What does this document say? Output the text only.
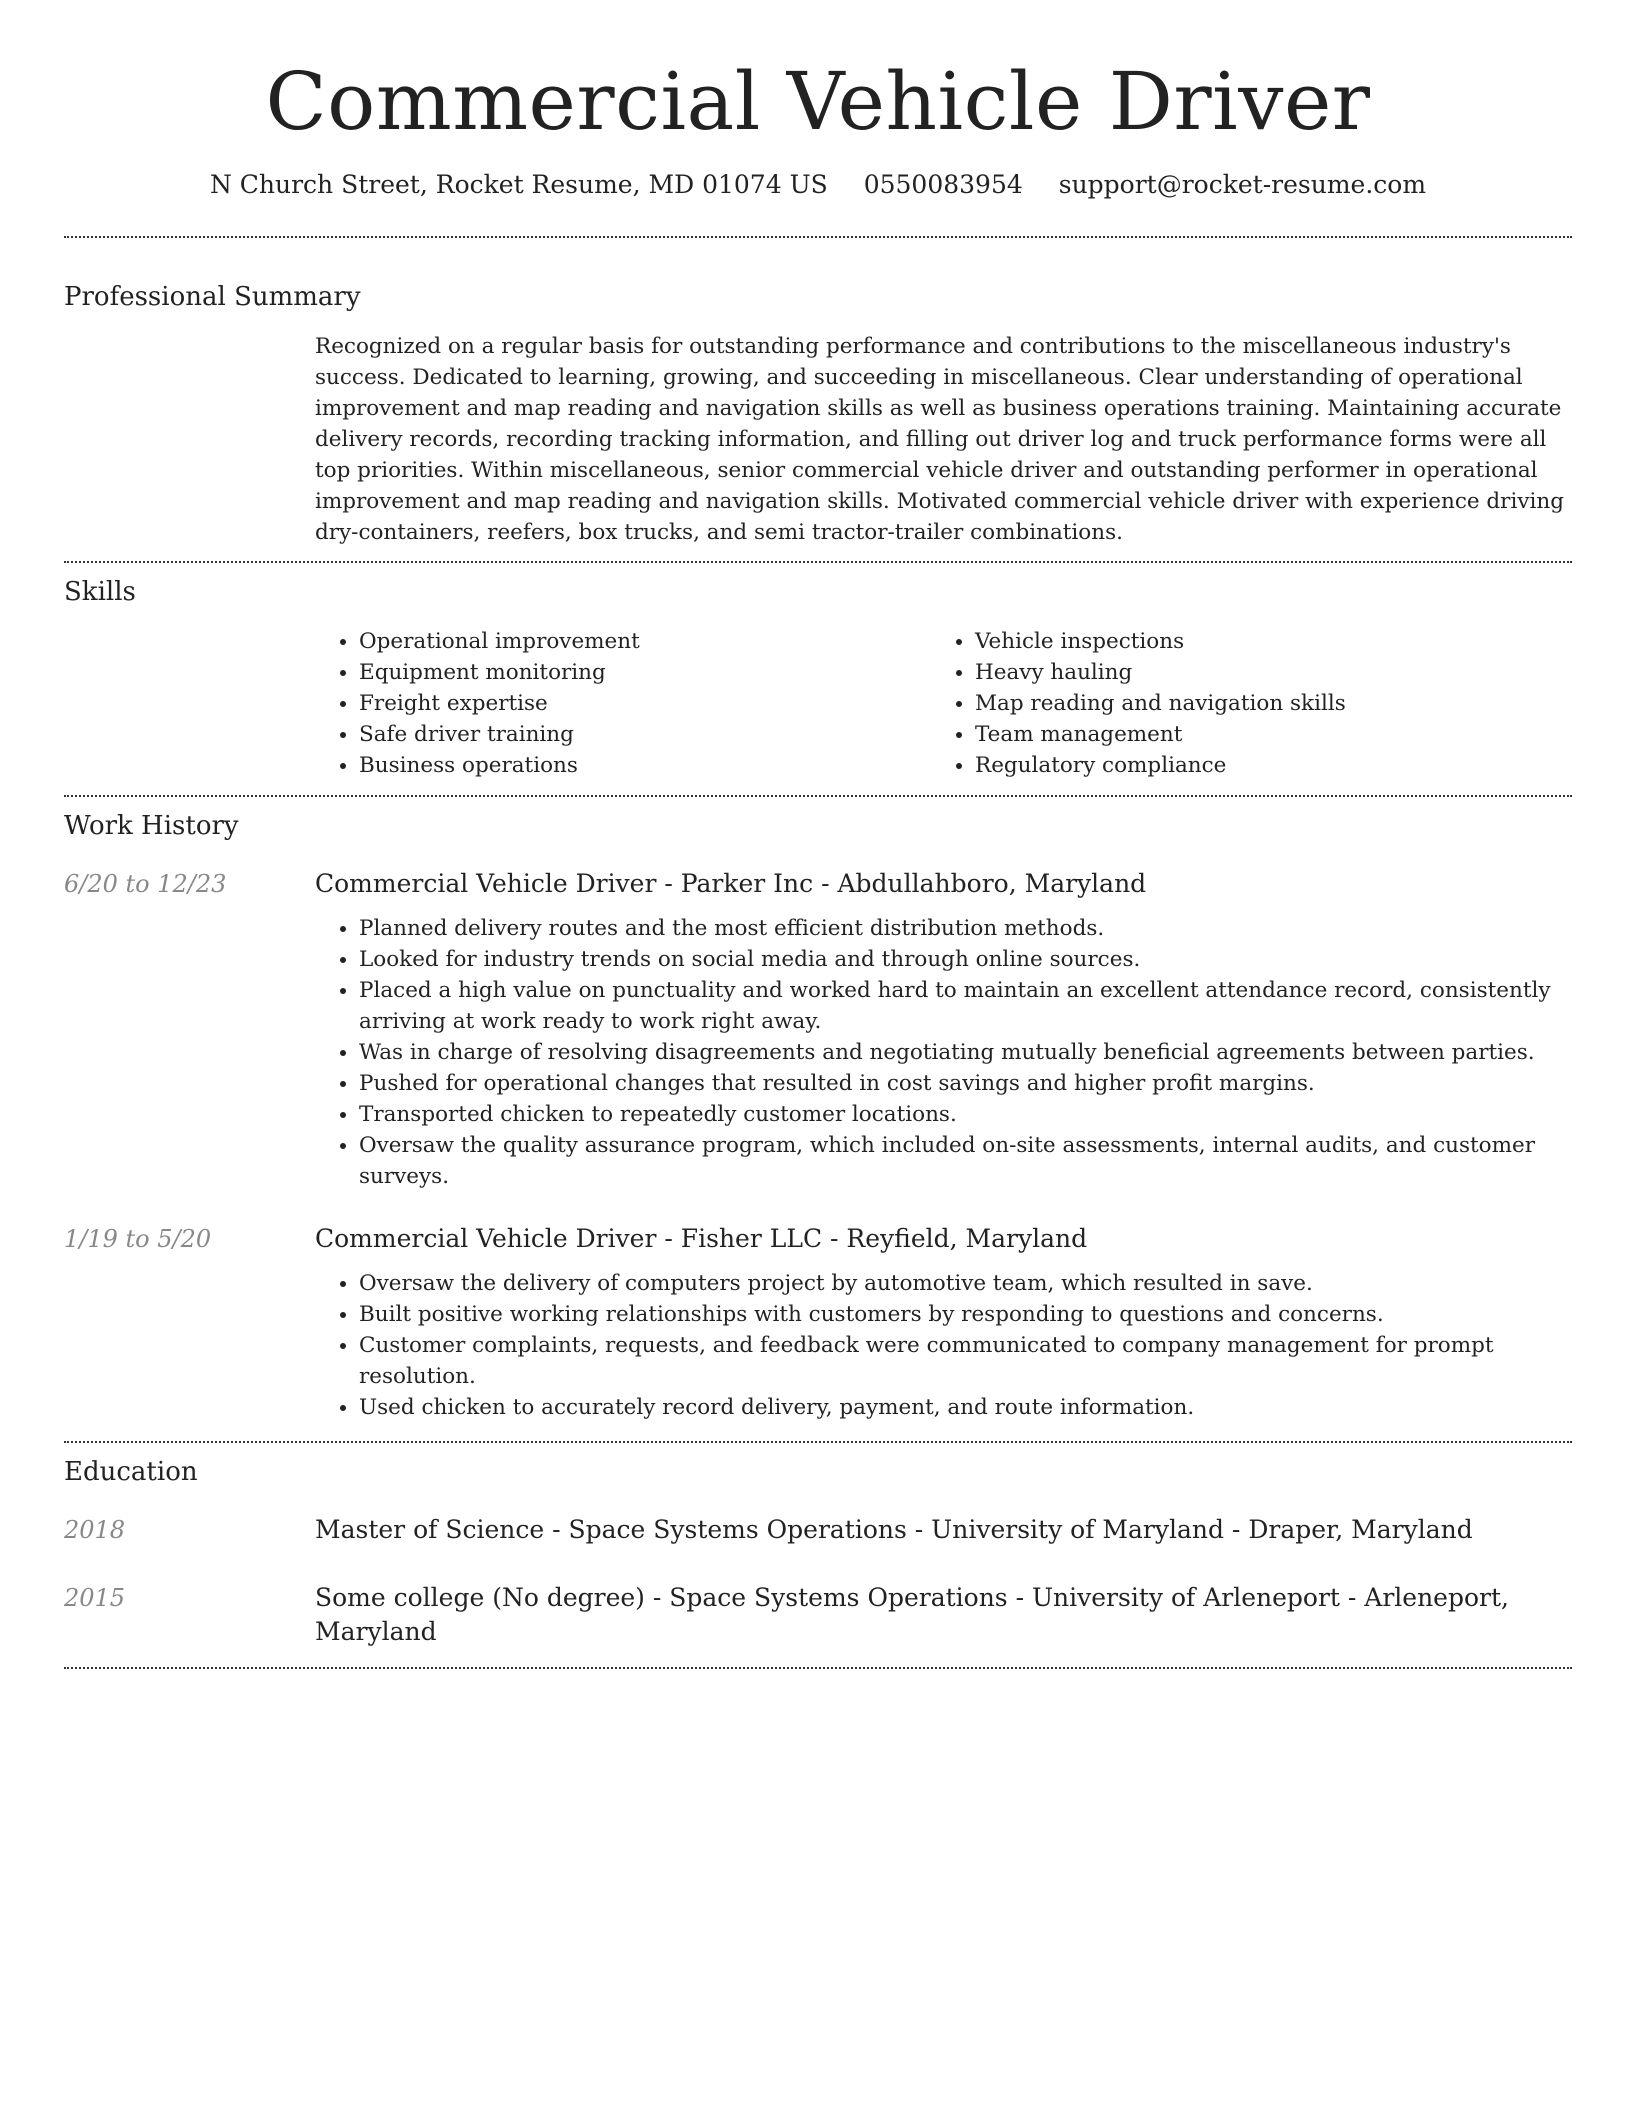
Commercial Vehicle Driver
N Church Street, Rocket Resume, MD 01074 US 0550083954 support@rocket-resume.com
Professional Summary

Recognized on a regular basis for outstanding performance and contributions to the miscellaneous industry's success. Dedicated to learning, growing, and succeeding in miscellaneous. Clear understanding of operational improvement and map reading and navigation skills as well as business operations training. Maintaining accurate delivery records, recording tracking information, and filling out driver log and truck performance forms were all top priorities. Within miscellaneous, senior commercial vehicle driver and outstanding performer in operational improvement and map reading and navigation skills. Motivated commercial vehicle driver with experience driving dry-containers, reefers, box trucks, and semi tractor-trailer combinations.

Skills
• Operational improvement
• Equipment monitoring
• Freight expertise
• Safe driver training
• Business operations
• Vehicle inspections
• Heavy hauling
• Map reading and navigation skills
• Team management
• Regulatory compliance
Work History
6/20 to 12/23	Commercial Vehicle Driver - Parker Inc - Abdullahboro, Maryland
• Planned delivery routes and the most efficient distribution methods.
• Looked for industry trends on social media and through online sources.
• Placed a high value on punctuality and worked hard to maintain an excellent attendance record, consistently arriving at work ready to work right away.
• Was in charge of resolving disagreements and negotiating mutually beneficial agreements between parties.
• Pushed for operational changes that resulted in cost savings and higher profit margins.
• Transported chicken to repeatedly customer locations.
• Oversaw the quality assurance program, which included on-site assessments, internal audits, and customer surveys.
1/19 to 5/20	Commercial Vehicle Driver - Fisher LLC - Reyfield, Maryland
• Oversaw the delivery of computers project by automotive team, which resulted in save.
• Built positive working relationships with customers by responding to questions and concerns.
• Customer complaints, requests, and feedback were communicated to company management for prompt resolution.
• Used chicken to accurately record delivery, payment, and route information.
Education
2018	Master of Science - Space Systems Operations - University of Maryland - Draper, Maryland
2015	Some college (No degree) - Space Systems Operations - University of Arleneport - Arleneport, Maryland
